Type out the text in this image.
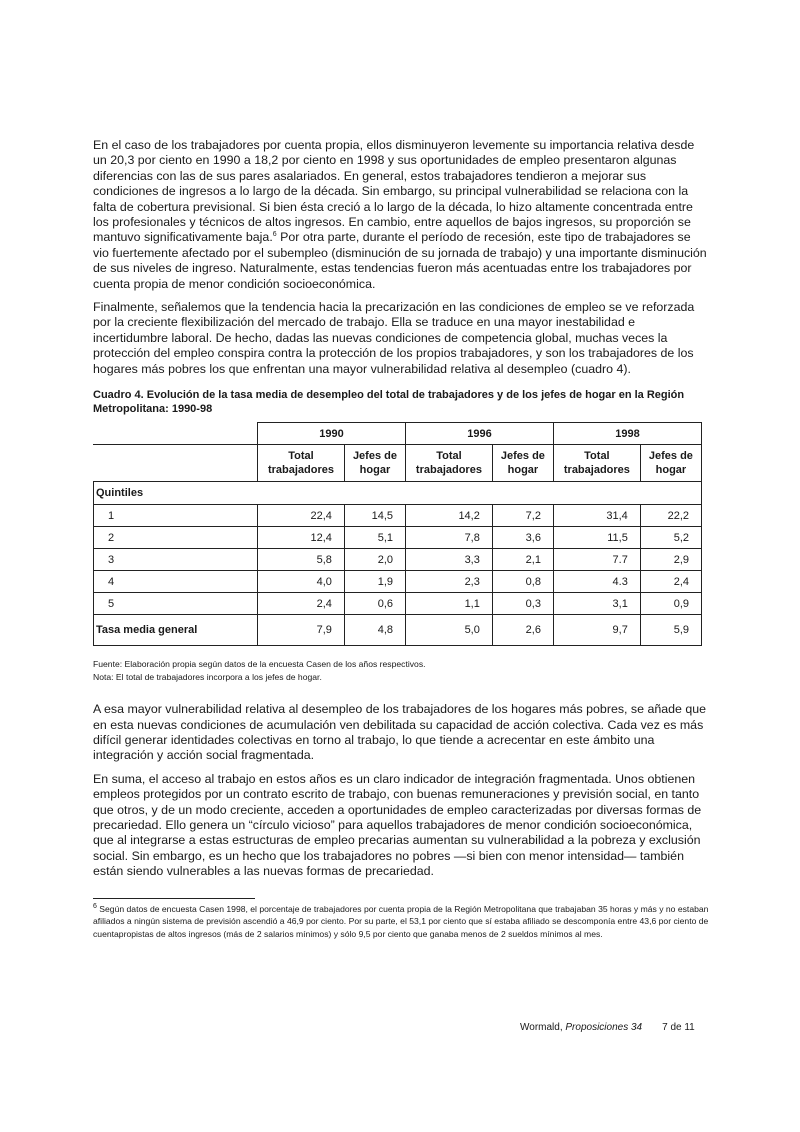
En el caso de los trabajadores por cuenta propia, ellos disminuyeron levemente su importancia relativa desde un 20,3 por ciento en 1990 a 18,2 por ciento en 1998 y sus oportunidades de empleo presentaron algunas diferencias con las de sus pares asalariados. En general, estos trabajadores tendieron a mejorar sus condiciones de ingresos a lo largo de la década. Sin embargo, su principal vulnerabilidad se relaciona con la falta de cobertura previsional. Si bien ésta creció a lo largo de la década, lo hizo altamente concentrada entre los profesionales y técnicos de altos ingresos. En cambio, entre aquellos de bajos ingresos, su proporción se mantuvo significativamente baja.$^6$ Por otra parte, durante el período de recesión, este tipo de trabajadores se vio fuertemente afectado por el subempleo (disminución de su jornada de trabajo) y una importante disminución de sus niveles de ingreso. Naturalmente, estas tendencias fueron más acentuadas entre los trabajadores por cuenta propia de menor condición socioeconómica.

Finalmente, señalemos que la tendencia hacia la precarización en las condiciones de empleo se ve reforzada por la creciente flexibilización del mercado de trabajo. Ella se traduce en una mayor inestabilidad e incertidumbre laboral. De hecho, dadas las nuevas condiciones de competencia global, muchas veces la protección del empleo conspira contra la protección de los propios trabajadores, y son los trabajadores de los hogares más pobres los que enfrentan una mayor vulnerabilidad relativa al desempleo (cuadro 4).

Cuadro 4. Evolución de la tasa media de desempleo del total de trabajadores y de los jefes de hogar en la Región Metropolitana: 1990-98
	1990		1996		1998	
	Total trabajadores	Jefes de hogar	Total trabajadores	Jefes de hogar	Total trabajadores	Jefes de hogar
Quintiles						
1	22,4	14,5	14,2	7,2	31,4	22,2
2	12,4	5,1	7,8	3,6	11,5	5,2
3	5,8	2,0	3,3	2,1	7.7	2,9
4	4,0	1,9	2,3	0,8	4.3	2,4
5	2,4	0,6	1,1	0,3	3,1	0,9
Tasa media general	7,9	4,8	5,0	2,6	9,7	5,9
Fuente: Elaboración propia según datos de la encuesta Casen de los años respectivos.
Nota: El total de trabajadores incorpora a los jefes de hogar.

A esa mayor vulnerabilidad relativa al desempleo de los trabajadores de los hogares más pobres, se añade que en esta nuevas condiciones de acumulación ven debilitada su capacidad de acción colectiva. Cada vez es más difícil generar identidades colectivas en torno al trabajo, lo que tiende a acrecentar en este ámbito una integración y acción social fragmentada.

En suma, el acceso al trabajo en estos años es un claro indicador de integración fragmentada. Unos obtienen empleos protegidos por un contrato escrito de trabajo, con buenas remuneraciones y previsión social, en tanto que otros, y de un modo creciente, acceden a oportunidades de empleo caracterizadas por diversas formas de precariedad. Ello genera un “círculo vicioso” para aquellos trabajadores de menor condición socioeconómica, que al integrarse a estas estructuras de empleo precarias aumentan su vulnerabilidad a la pobreza y exclusión social. Sin embargo, es un hecho que los trabajadores no pobres —si bien con menor intensidad— también están siendo vulnerables a las nuevas formas de precariedad.

$^6$ Según datos de encuesta Casen 1998, el porcentaje de trabajadores por cuenta propia de la Región Metropolitana que trabajaban 35 horas y más y no estaban afiliados a ningún sistema de previsión ascendió a 46,9 por ciento. Por su parte, el 53,1 por ciento que sí estaba afiliado se descomponía entre 43,6 por ciento de cuentapropistas de altos ingresos (más de 2 salarios mínimos) y sólo 9,5 por ciento que ganaba menos de 2 sueldos mínimos al mes.
Wormald, Proposiciones 34 7 de 11
